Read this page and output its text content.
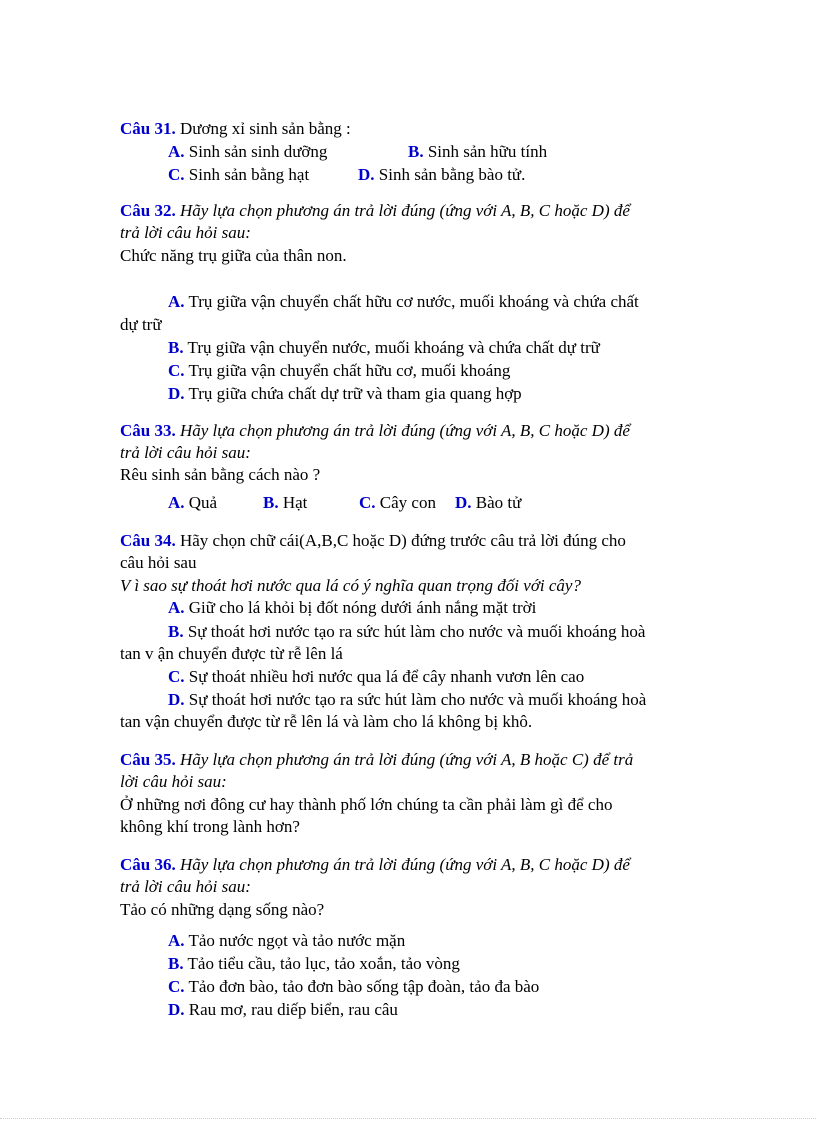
Câu 31. Dương xỉ sinh sản bằng :
A. Sinh sản sinh dưỡng	B. Sinh sản hữu tính
C. Sinh sản bằng hạt	D. Sinh sản bằng bào tử.
Câu 32. Hãy lựa chọn phương án trả lời đúng (ứng với A, B, C hoặc D) để
trả lời câu hỏi sau:
Chức năng trụ giữa của thân non.
A. Trụ giữa vận chuyển chất hữu cơ nước, muối khoáng và chứa chất
dự trữ
B. Trụ giữa vận chuyển nước, muối khoáng và chứa chất dự trữ
C. Trụ giữa vận chuyển chất hữu cơ, muối khoáng
D. Trụ giữa chứa chất dự trữ và tham gia quang hợp
Câu 33. Hãy lựa chọn phương án trả lời đúng (ứng với A, B, C hoặc D) để
trả lời câu hỏi sau:
Rêu sinh sản bằng cách nào ?
A. Quả	B. Hạt	C. Cây con D. Bào tử
Câu 34. Hãy chọn chữ cái(A,B,C hoặc D) đứng trước câu trả lời đúng cho
câu hỏi sau
V ì sao sự thoát hơi nước qua lá có ý nghĩa quan trọng đối với cây?
A. Giữ cho lá khỏi bị đốt nóng dưới ánh nắng mặt trời
B. Sự thoát hơi nước tạo ra sức hút làm cho nước và muối khoáng hoà
tan v ận chuyển được từ rễ lên lá
C. Sự thoát nhiều hơi nước qua lá để cây nhanh vươn lên cao
D. Sự thoát hơi nước tạo ra sức hút làm cho nước và muối khoáng hoà
tan vận chuyển được từ rễ lên lá và làm cho lá không bị khô.
Câu 35. Hãy lựa chọn phương án trả lời đúng (ứng với A, B hoặc C) để trả
lời câu hỏi sau:
Ở những nơi đông cư hay thành phố lớn chúng ta cần phải làm gì để cho
không khí trong lành hơn?
Câu 36. Hãy lựa chọn phương án trả lời đúng (ứng với A, B, C hoặc D) để
trả lời câu hỏi sau:
Tảo có những dạng sống nào?
A. Tảo nước ngọt và tảo nước mặn
B. Tảo tiểu cầu, tảo lục, tảo xoắn, tảo vòng
C. Tảo đơn bào, tảo đơn bào sống tập đoàn, tảo đa bào
D. Rau mơ, rau diếp biển, rau câu
